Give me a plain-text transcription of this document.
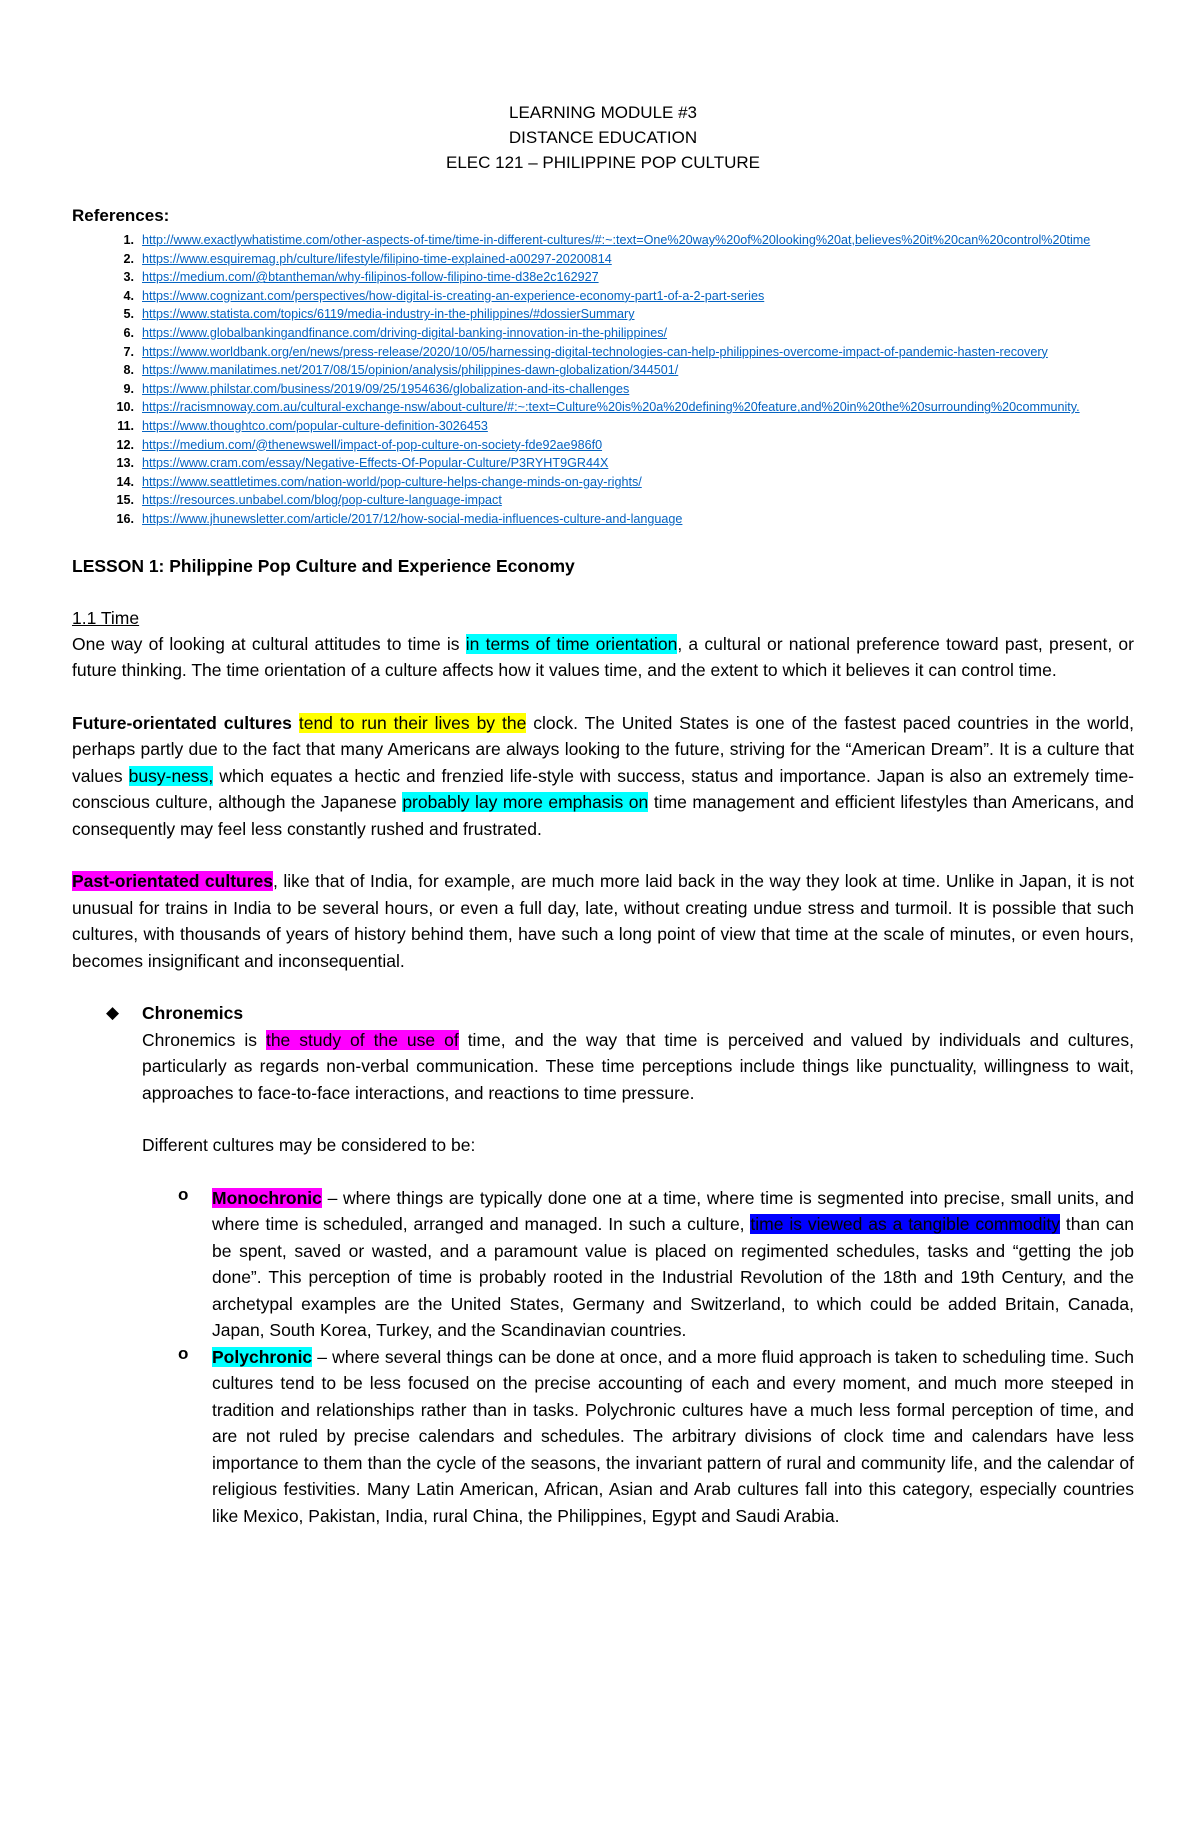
LEARNING MODULE #3
DISTANCE EDUCATION
ELEC 121 – PHILIPPINE POP CULTURE
References:
1. http://www.exactlywhatistime.com/other-aspects-of-time/time-in-different-cultures/#:~:text=One%20way%20of%20looking%20at,believes%20it%20can%20control%20time
2. https://www.esquiremag.ph/culture/lifestyle/filipino-time-explained-a00297-20200814
3. https://medium.com/@btantheman/why-filipinos-follow-filipino-time-d38e2c162927
4. https://www.cognizant.com/perspectives/how-digital-is-creating-an-experience-economy-part1-of-a-2-part-series
5. https://www.statista.com/topics/6119/media-industry-in-the-philippines/#dossierSummary
6. https://www.globalbankingandfinance.com/driving-digital-banking-innovation-in-the-philippines/
7. https://www.worldbank.org/en/news/press-release/2020/10/05/harnessing-digital-technologies-can-help-philippines-overcome-impact-of-pandemic-hasten-recovery
8. https://www.manilatimes.net/2017/08/15/opinion/analysis/philippines-dawn-globalization/344501/
9. https://www.philstar.com/business/2019/09/25/1954636/globalization-and-its-challenges
10. https://racismnoway.com.au/cultural-exchange-nsw/about-culture/#:~:text=Culture%20is%20a%20defining%20feature,and%20in%20the%20surrounding%20community.
11. https://www.thoughtco.com/popular-culture-definition-3026453
12. https://medium.com/@thenewswell/impact-of-pop-culture-on-society-fde92ae986f0
13. https://www.cram.com/essay/Negative-Effects-Of-Popular-Culture/P3RYHT9GR44X
14. https://www.seattletimes.com/nation-world/pop-culture-helps-change-minds-on-gay-rights/
15. https://resources.unbabel.com/blog/pop-culture-language-impact
16. https://www.jhunewsletter.com/article/2017/12/how-social-media-influences-culture-and-language
LESSON 1: Philippine Pop Culture and Experience Economy
1.1 Time

One way of looking at cultural attitudes to time is in terms of time orientation, a cultural or national preference toward past, present, or future thinking. The time orientation of a culture affects how it values time, and the extent to which it believes it can control time.

Future-orientated cultures tend to run their lives by the clock. The United States is one of the fastest paced countries in the world, perhaps partly due to the fact that many Americans are always looking to the future, striving for the “American Dream”. It is a culture that values busy-ness, which equates a hectic and frenzied life-style with success, status and importance. Japan is also an extremely time-conscious culture, although the Japanese probably lay more emphasis on time management and efficient lifestyles than Americans, and consequently may feel less constantly rushed and frustrated.

Past-orientated cultures, like that of India, for example, are much more laid back in the way they look at time. Unlike in Japan, it is not unusual for trains in India to be several hours, or even a full day, late, without creating undue stress and turmoil. It is possible that such cultures, with thousands of years of history behind them, have such a long point of view that time at the scale of minutes, or even hours, becomes insignificant and inconsequential.

◆ Chronemics

Chronemics is the study of the use of time, and the way that time is perceived and valued by individuals and cultures, particularly as regards non-verbal communication. These time perceptions include things like punctuality, willingness to wait, approaches to face-to-face interactions, and reactions to time pressure.

Different cultures may be considered to be:

o Monochronic – where things are typically done one at a time, where time is segmented into precise, small units, and where time is scheduled, arranged and managed. In such a culture, time is viewed as a tangible commodity than can be spent, saved or wasted, and a paramount value is placed on regimented schedules, tasks and “getting the job done”. This perception of time is probably rooted in the Industrial Revolution of the 18th and 19th Century, and the archetypal examples are the United States, Germany and Switzerland, to which could be added Britain, Canada, Japan, South Korea, Turkey, and the Scandinavian countries.

o Polychronic – where several things can be done at once, and a more fluid approach is taken to scheduling time. Such cultures tend to be less focused on the precise accounting of each and every moment, and much more steeped in tradition and relationships rather than in tasks. Polychronic cultures have a much less formal perception of time, and are not ruled by precise calendars and schedules. The arbitrary divisions of clock time and calendars have less importance to them than the cycle of the seasons, the invariant pattern of rural and community life, and the calendar of religious festivities. Many Latin American, African, Asian and Arab cultures fall into this category, especially countries like Mexico, Pakistan, India, rural China, the Philippines, Egypt and Saudi Arabia.
